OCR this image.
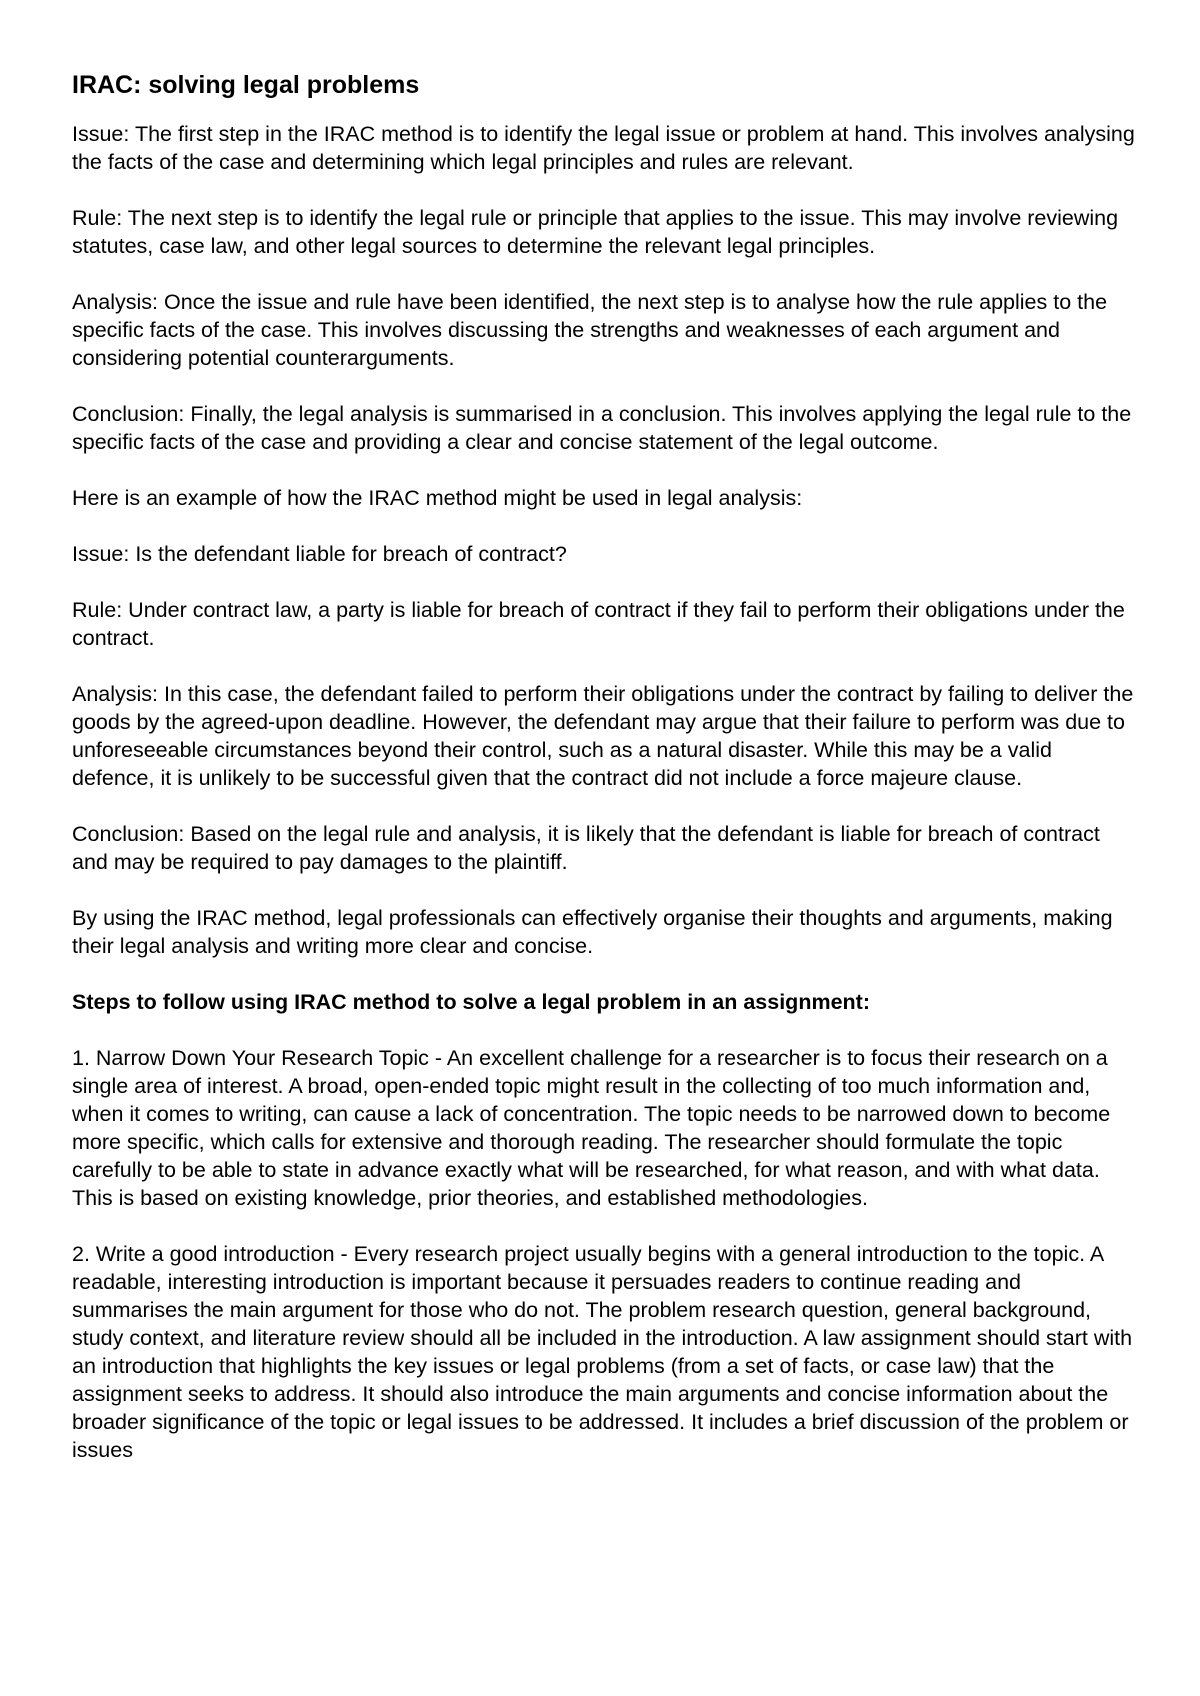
IRAC: solving legal problems

Issue: The first step in the IRAC method is to identify the legal issue or problem at hand. This involves analysing the facts of the case and determining which legal principles and rules are relevant.

Rule: The next step is to identify the legal rule or principle that applies to the issue. This may involve reviewing statutes, case law, and other legal sources to determine the relevant legal principles.

Analysis: Once the issue and rule have been identified, the next step is to analyse how the rule applies to the specific facts of the case. This involves discussing the strengths and weaknesses of each argument and considering potential counterarguments.

Conclusion: Finally, the legal analysis is summarised in a conclusion. This involves applying the legal rule to the specific facts of the case and providing a clear and concise statement of the legal outcome.

Here is an example of how the IRAC method might be used in legal analysis:

Issue: Is the defendant liable for breach of contract?

Rule: Under contract law, a party is liable for breach of contract if they fail to perform their obligations under the contract.

Analysis: In this case, the defendant failed to perform their obligations under the contract by failing to deliver the goods by the agreed-upon deadline. However, the defendant may argue that their failure to perform was due to unforeseeable circumstances beyond their control, such as a natural disaster. While this may be a valid defence, it is unlikely to be successful given that the contract did not include a force majeure clause.

Conclusion: Based on the legal rule and analysis, it is likely that the defendant is liable for breach of contract and may be required to pay damages to the plaintiff.

By using the IRAC method, legal professionals can effectively organise their thoughts and arguments, making their legal analysis and writing more clear and concise.

Steps to follow using IRAC method to solve a legal problem in an assignment:

1. Narrow Down Your Research Topic - An excellent challenge for a researcher is to focus their research on a single area of interest. A broad, open-ended topic might result in the collecting of too much information and, when it comes to writing, can cause a lack of concentration. The topic needs to be narrowed down to become more specific, which calls for extensive and thorough reading. The researcher should formulate the topic carefully to be able to state in advance exactly what will be researched, for what reason, and with what data. This is based on existing knowledge, prior theories, and established methodologies.

2. Write a good introduction - Every research project usually begins with a general introduction to the topic. A readable, interesting introduction is important because it persuades readers to continue reading and summarises the main argument for those who do not. The problem research question, general background, study context, and literature review should all be included in the introduction. A law assignment should start with an introduction that highlights the key issues or legal problems (from a set of facts, or case law) that the assignment seeks to address. It should also introduce the main arguments and concise information about the broader significance of the topic or legal issues to be addressed. It includes a brief discussion of the problem or issues
